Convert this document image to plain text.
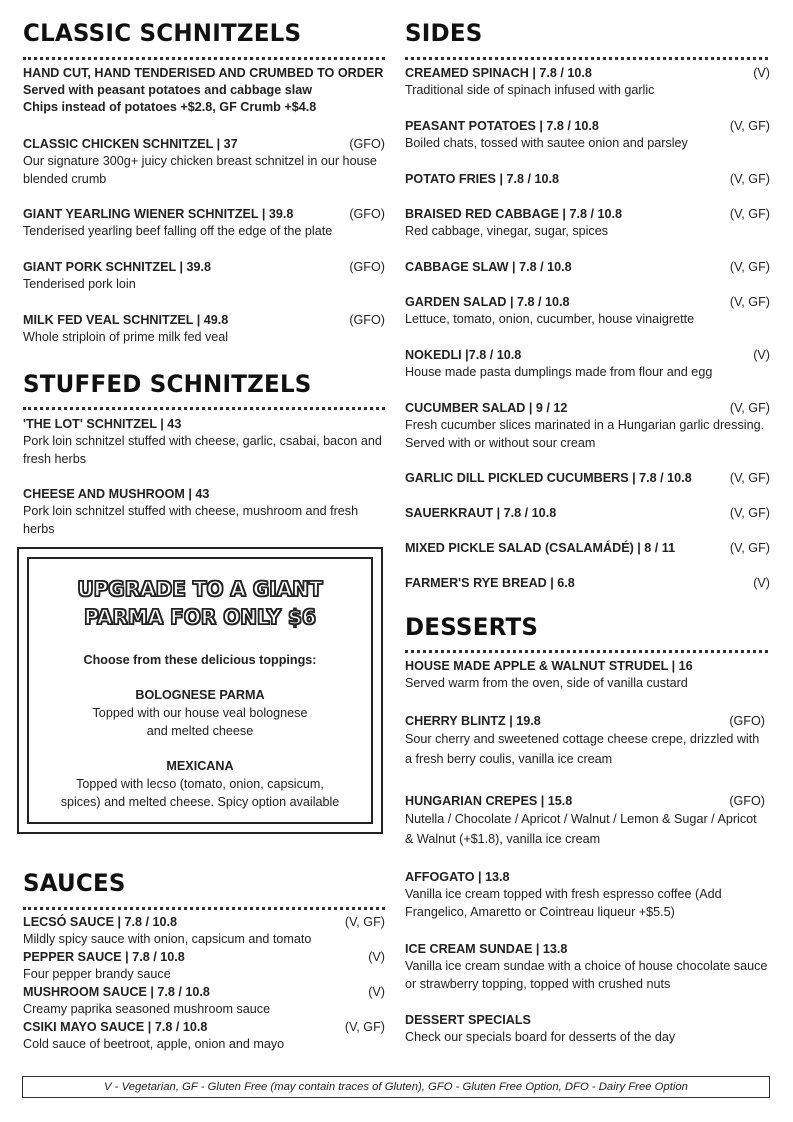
CLASSIC SCHNITZELS
HAND CUT, HAND TENDERISED AND CRUMBED TO ORDER
Served with peasant potatoes and cabbage slaw
Chips instead of potatoes +$2.8, GF Crumb +$4.8
CLASSIC CHICKEN SCHNITZEL | 37	(GFO)
Our signature 300g+ juicy chicken breast schnitzel in our house blended crumb
GIANT YEARLING WIENER SCHNITZEL | 39.8	(GFO)
Tenderised yearling beef falling off the edge of the plate
GIANT PORK SCHNITZEL | 39.8	(GFO)
Tenderised pork loin
MILK FED VEAL SCHNITZEL | 49.8	(GFO)
Whole striploin of prime milk fed veal
STUFFED SCHNITZELS
'THE LOT' SCHNITZEL | 43
Pork loin schnitzel stuffed with cheese, garlic, csabai, bacon and fresh herbs
CHEESE AND MUSHROOM | 43
Pork loin schnitzel stuffed with cheese, mushroom and fresh herbs
SAUCES
LECSÓ SAUCE | 7.8 / 10.8	(V, GF)
Mildly spicy sauce with onion, capsicum and tomato
PEPPER SAUCE | 7.8 / 10.8	(V)
Four pepper brandy sauce
MUSHROOM SAUCE | 7.8 / 10.8	(V)
Creamy paprika seasoned mushroom sauce
CSIKI MAYO SAUCE | 7.8 / 10.8	(V, GF)
Cold sauce of beetroot, apple, onion and mayo
UPGRADE TO A GIANT
PARMA FOR ONLY $6
Choose from these delicious toppings:
BOLOGNESE PARMA
Topped with our house veal bolognese
and melted cheese
MEXICANA
Topped with lecso (tomato, onion, capsicum,
spices) and melted cheese. Spicy option available
SIDES
CREAMED SPINACH | 7.8 / 10.8	(V)
Traditional side of spinach infused with garlic
PEASANT POTATOES | 7.8 / 10.8	(V, GF)
Boiled chats, tossed with sautee onion and parsley
POTATO FRIES | 7.8 / 10.8	(V, GF)
BRAISED RED CABBAGE | 7.8 / 10.8	(V, GF)
Red cabbage, vinegar, sugar, spices
CABBAGE SLAW | 7.8 / 10.8	(V, GF)
GARDEN SALAD | 7.8 / 10.8	(V, GF)
Lettuce, tomato, onion, cucumber, house vinaigrette
NOKEDLI |7.8 / 10.8	(V)
House made pasta dumplings made from flour and egg
CUCUMBER SALAD | 9 / 12	(V, GF)
Fresh cucumber slices marinated in a Hungarian garlic dressing. Served with or without sour cream
GARLIC DILL PICKLED CUCUMBERS | 7.8 / 10.8	(V, GF)
SAUERKRAUT | 7.8 / 10.8	(V, GF)
MIXED PICKLE SALAD (CSALAMÁDÉ) | 8 / 11	(V, GF)
FARMER'S RYE BREAD | 6.8	(V)
DESSERTS
HOUSE MADE APPLE & WALNUT STRUDEL | 16
Served warm from the oven, side of vanilla custard
CHERRY BLINTZ | 19.8	(GFO)
Sour cherry and sweetened cottage cheese crepe, drizzled with a fresh berry coulis, vanilla ice cream
HUNGARIAN CREPES | 15.8	(GFO)
Nutella / Chocolate / Apricot / Walnut / Lemon & Sugar / Apricot & Walnut (+$1.8), vanilla ice cream
AFFOGATO | 13.8
Vanilla ice cream topped with fresh espresso coffee (Add Frangelico, Amaretto or Cointreau liqueur +$5.5)
ICE CREAM SUNDAE | 13.8
Vanilla ice cream sundae with a choice of house chocolate sauce or strawberry topping, topped with crushed nuts
DESSERT SPECIALS
Check our specials board for desserts of the day
V - Vegetarian, GF - Gluten Free (may contain traces of Gluten), GFO - Gluten Free Option, DFO - Dairy Free Option
